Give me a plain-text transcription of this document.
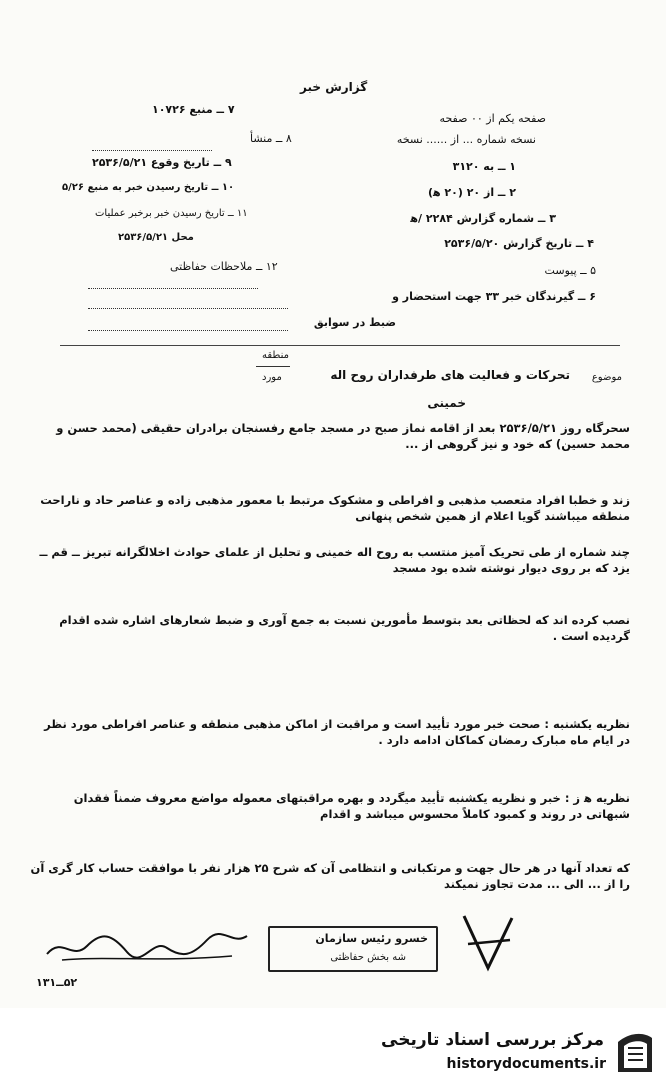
گزارش خبر
صفحه یکم از ۰۰ صفحه
نسخه شماره ... از ...... نسخه
۱ ــ به ۳۱۲۰
۲ ــ از ۲۰ (۲۰ ه‍)
۳ ــ شماره گزارش ۲۲۸۴ /ه‍
۴ ــ تاریخ گزارش ۲۵۳۶/۵/۲۰
۵ ــ پیوست
۶ ــ گیرندگان خبر ۳۳ جهت استحضار و
ضبط در سوابق
۷ ــ منبع ۱۰۷۲۶
۸ ــ منشأ
۹ ــ تاریخ وقوع ۲۵۳۶/۵/۲۱
۱۰ ــ تاریخ رسیدن خبر به منبع ۵/۲۶
۱۱ ــ تاریخ رسیدن خبر برخبر عملیات
محل ۲۵۳۶/۵/۲۱
۱۲ ــ ملاحظات حفاظتی
موضوع
تحرکات و فعالیت های طرفداران روح اله
خمینی
منطقه
مورد
سحرگاه روز ۲۵۳۶/۵/۲۱ بعد از اقامه نماز صبح در مسجد جامع رفسنجان برادران حقیقی (محمد حسن و محمد حسین) که خود و نیز گروهی از ...
زند و خطبا افراد متعصب مذهبی و افراطی و مشکوک مرتبط با معمور مذهبی زاده و عناصر حاد و ناراحت منطقه میباشند گویا اعلام از همین شخص پنهانی
چند شماره از طی تحریک آمیز منتسب به روح اله خمینی و تحلیل از علمای حوادث اخلالگرانه تبریز ــ قم ــ یزد که بر روی دیوار نوشته شده بود مسجد
نصب کرده اند که لحظاتی بعد بتوسط مأمورین نسبت به جمع آوری و ضبط شعارهای اشاره شده اقدام گردیده است .
نظریه یکشنبه : صحت خبر مورد تأیید است و مراقبت از اماکن مذهبی منطقه و عناصر افراطی مورد نظر در ایام ماه مبارک رمضان کماکان ادامه دارد .
نظریه ه‍ ز : خبر و نظریه یکشنبه تأیید میگردد و بهره مراقبتهای معموله مواضع معروف ضمناً فقدان شبهاتی در روند و کمبود کاملاً محسوس میباشد و اقدام
که تعداد آنها در هر حال جهت و مرتکبانی و انتظامی آن که شرح ۲۵ هزار نفر با موافقت حساب کار گری آن را از ... الی ... مدت تجاوز نمیکند
خسرو رئیس سازمان
شه بخش حفاظتی
۵۲ــ۱۳۱
مرکز بررسی اسناد تاریخی
historydocuments.ir
